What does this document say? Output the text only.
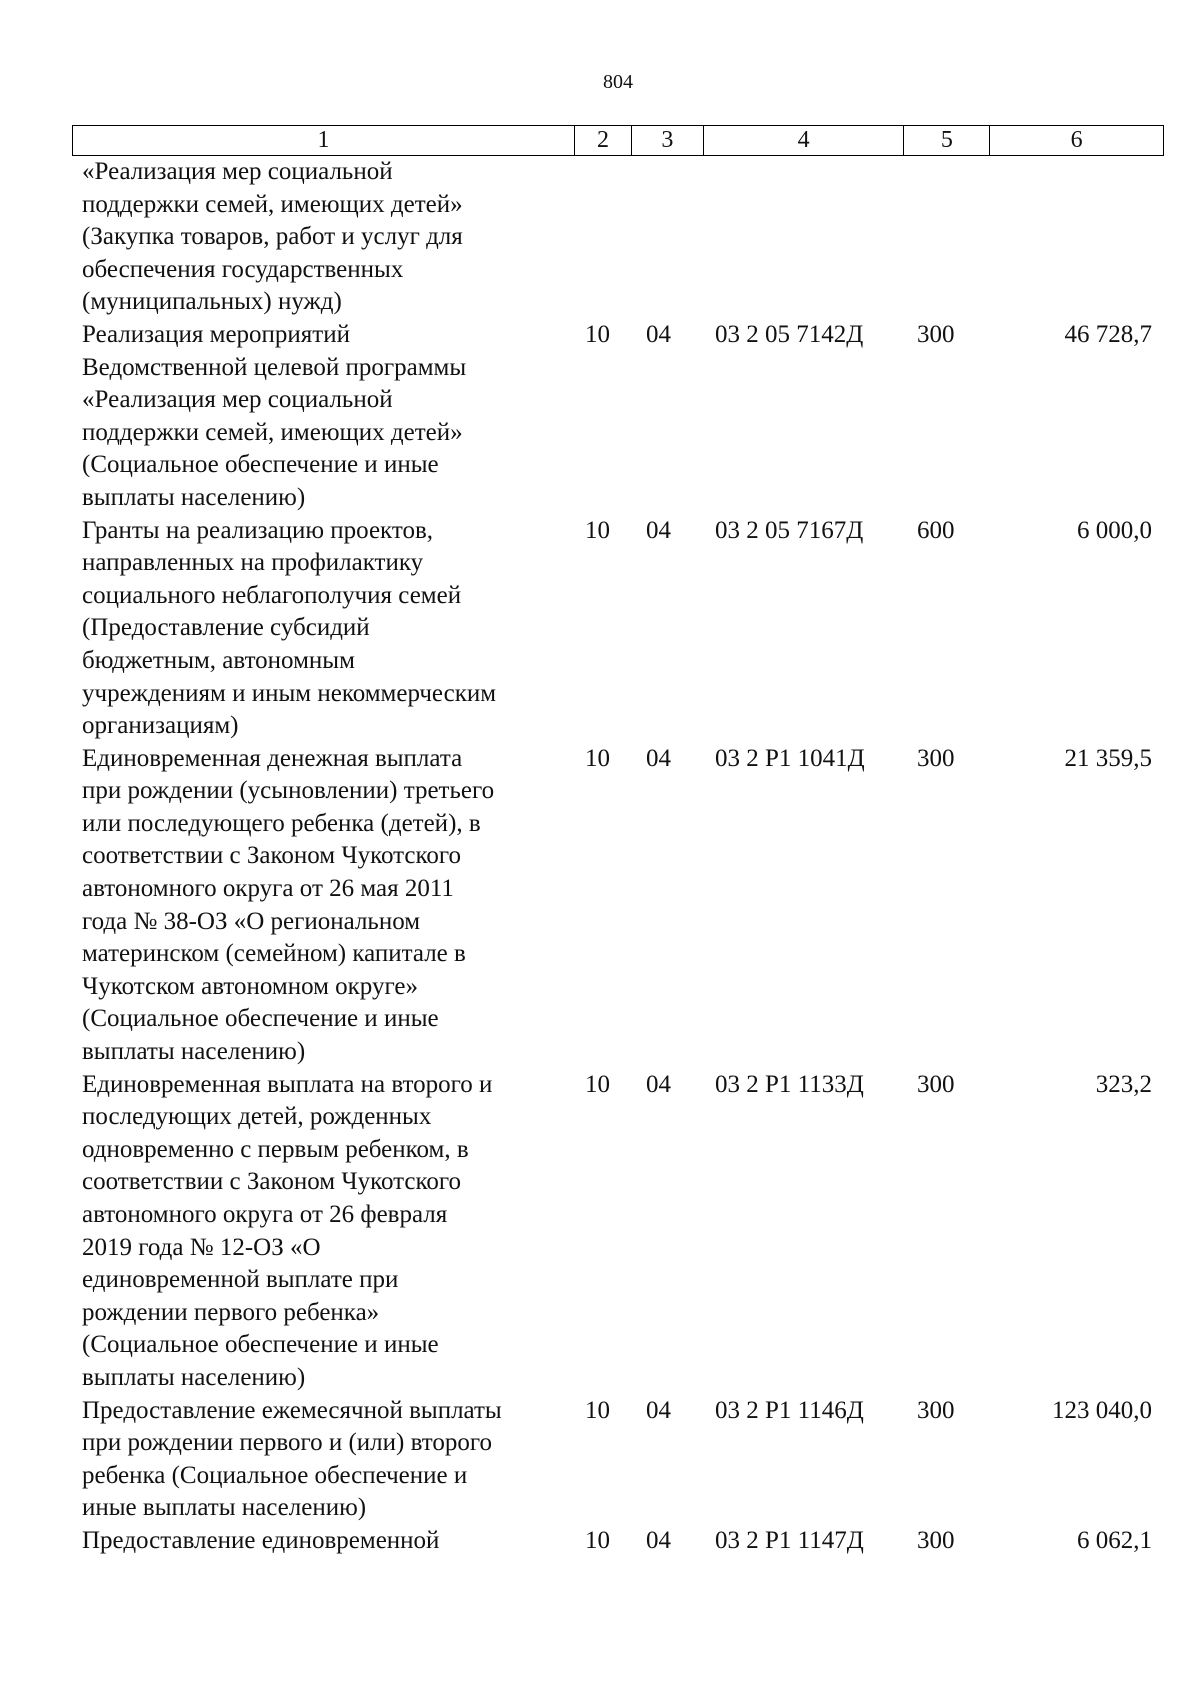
804
1	2	3	4	5	6
«Реализация мер социальной
поддержки семей, имеющих детей»
(Закупка товаров, работ и услуг для
обеспечения государственных
(муниципальных) нужд)
Реализация мероприятий
Ведомственной целевой программы
«Реализация мер социальной
поддержки семей, имеющих детей»
(Социальное обеспечение и иные
выплаты населению)
10	04	03 2 05 7142Д	300	46 728,7
Гранты на реализацию проектов,
направленных на профилактику
социального неблагополучия семей
(Предоставление субсидий
бюджетным, автономным
учреждениям и иным некоммерческим
организациям)
10	04	03 2 05 7167Д	600	6 000,0
Единовременная денежная выплата
при рождении (усыновлении) третьего
или последующего ребенка (детей), в
соответствии с Законом Чукотского
автономного округа от 26 мая 2011
года № 38-ОЗ «О региональном
материнском (семейном) капитале в
Чукотском автономном округе»
(Социальное обеспечение и иные
выплаты населению)
10	04	03 2 Р1 1041Д	300	21 359,5
Единовременная выплата на второго и
последующих детей, рожденных
одновременно с первым ребенком, в
соответствии с Законом Чукотского
автономного округа от 26 февраля
2019 года № 12-ОЗ «О
единовременной выплате при
рождении первого ребенка»
(Социальное обеспечение и иные
выплаты населению)
10	04	03 2 Р1 1133Д	300	323,2
Предоставление ежемесячной выплаты
при рождении первого и (или) второго
ребенка (Социальное обеспечение и
иные выплаты населению)
10	04	03 2 Р1 1146Д	300	123 040,0
Предоставление единовременной	10	04	03 2 Р1 1147Д	300	6 062,1
